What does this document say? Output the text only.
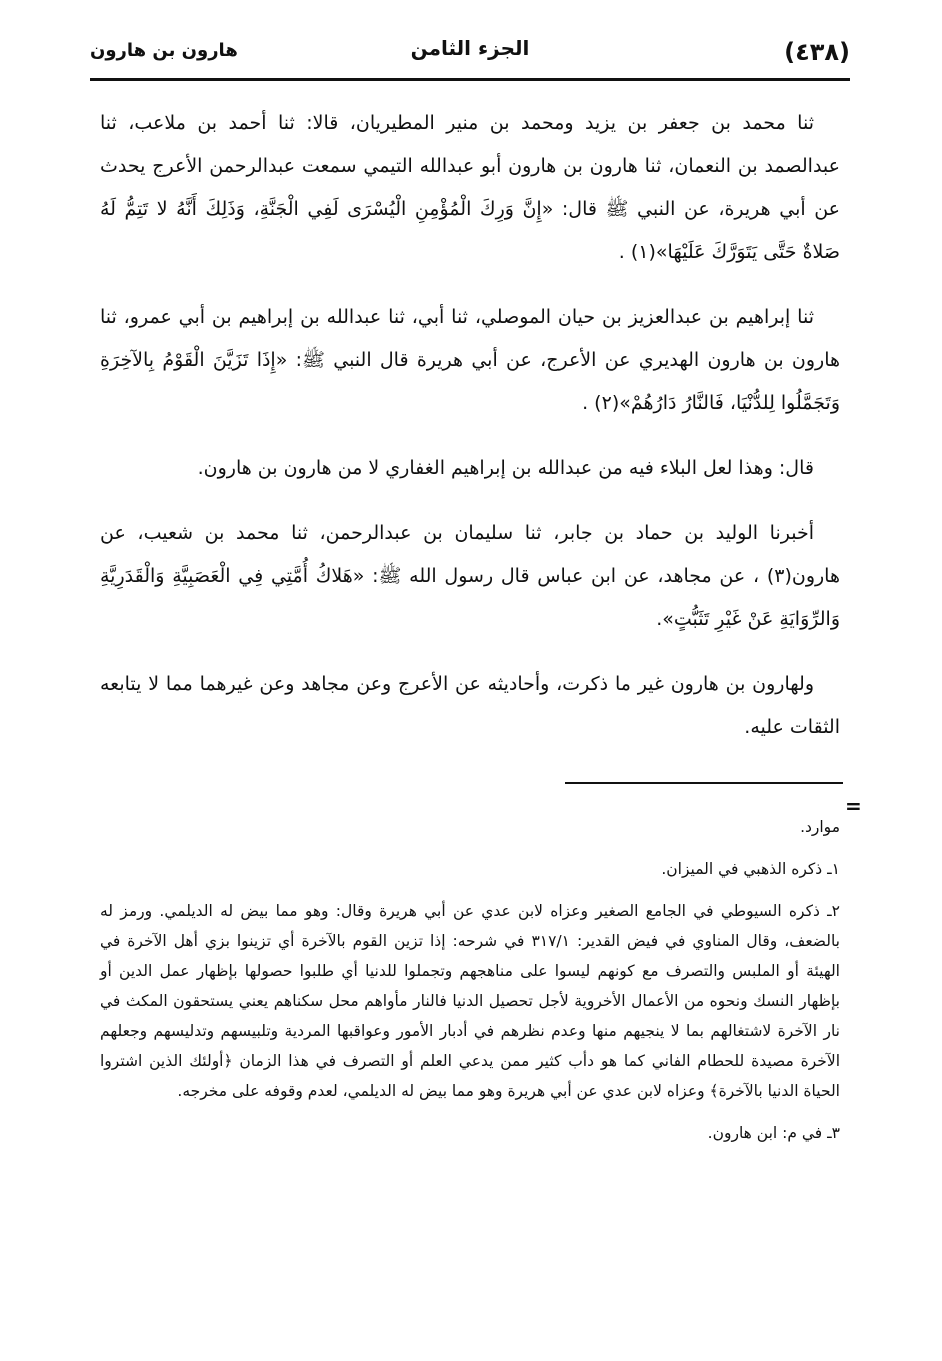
(٤٣٨)
الجزء الثامن
هارون بن هارون

ثنا محمد بن جعفر بن يزيد ومحمد بن منير المطيريان، قالا: ثنا أحمد بن ملاعب، ثنا عبدالصمد بن النعمان، ثنا هارون بن هارون أبو عبدالله التيمي سمعت عبدالرحمن الأعرج يحدث عن أبي هريرة، عن النبي ﷺ قال: «إِنَّ وَرِكَ الْمُؤْمِنِ الْيُسْرَى لَفِي الْجَنَّةِ، وَذَلِكَ أَنَّهُ لا تَتِمُّ لَهُ صَلاةٌ حَتَّى يَتَوَرَّكَ عَلَيْهَا»(١) .

ثنا إبراهيم بن عبدالعزيز بن حيان الموصلي، ثنا أبي، ثنا عبدالله بن إبراهيم بن أبي عمرو، ثنا هارون بن هارون الهديري عن الأعرج، عن أبي هريرة قال النبي ﷺ: «إِذَا تَزَيَّنَ الْقَوْمُ بِالآخِرَةِ وَتَجَمَّلُوا لِلدُّنْيَا، فَالنَّارُ دَارُهُمْ»(٢) .

قال: وهذا لعل البلاء فيه من عبدالله بن إبراهيم الغفاري لا من هارون بن هارون.

أخبرنا الوليد بن حماد بن جابر، ثنا سليمان بن عبدالرحمن، ثنا محمد بن شعيب، عن هارون(٣) ، عن مجاهد، عن ابن عباس قال رسول الله ﷺ: «هَلاكُ أُمَّتِي فِي الْعَصَبِيَّةِ وَالْقَدَرِيَّةِ وَالرِّوَايَةِ عَنْ غَيْرِ تَثَبُّتٍ».

ولهارون بن هارون غير ما ذكرت، وأحاديثه عن الأعرج وعن مجاهد وعن غيرهما مما لا يتابعه الثقات عليه.

=

موارد.

١ـ ذكره الذهبي في الميزان.

٢ـ ذكره السيوطي في الجامع الصغير وعزاه لابن عدي عن أبي هريرة وقال: وهو مما بيض له الديلمي. ورمز له بالضعف، وقال المناوي في فيض القدير: ٣١٧/١ في شرحه: إذا تزين القوم بالآخرة أي تزينوا بزي أهل الآخرة في الهيئة أو الملبس والتصرف مع كونهم ليسوا على مناهجهم وتجملوا للدنيا أي طلبوا حصولها بإظهار عمل الدين أو بإظهار النسك ونحوه من الأعمال الأخروية لأجل تحصيل الدنيا فالنار مأواهم محل سكناهم يعني يستحقون المكث في نار الآخرة لاشتغالهم بما لا ينجيهم منها وعدم نظرهم في أدبار الأمور وعواقبها المردية وتلبيسهم وتدليسهم وجعلهم الآخرة مصيدة للحطام الفاني كما هو دأب كثير ممن يدعي العلم أو التصرف في هذا الزمان ﴿أولئك الذين اشتروا الحياة الدنيا بالآخرة﴾ وعزاه لابن عدي عن أبي هريرة وهو مما بيض له الديلمي، لعدم وقوفه على مخرجه.

٣ـ في م: ابن هارون.
